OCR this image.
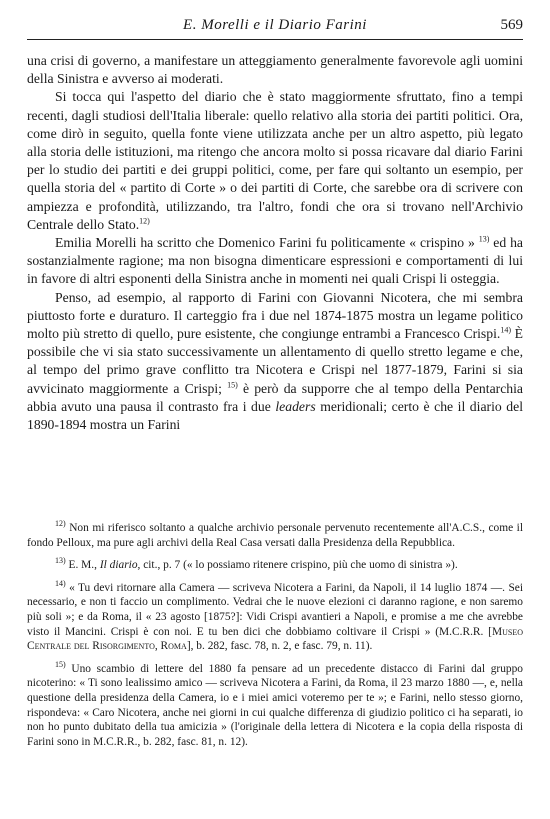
E. Morelli e il Diario Farini	569

una crisi di governo, a manifestare un atteggiamento generalmente favorevole agli uomini della Sinistra e avverso ai moderati.

Si tocca qui l'aspetto del diario che è stato maggiormente sfruttato, fino a tempi recenti, dagli studiosi dell'Italia liberale: quello relativo alla storia dei partiti politici. Ora, come dirò in seguito, quella fonte viene utilizzata anche per un altro aspetto, più legato alla storia delle istituzioni, ma ritengo che ancora molto si possa ricavare dal diario Farini per lo studio dei partiti e dei gruppi politici, come, per fare qui soltanto un esempio, per quella storia del « partito di Corte » o dei partiti di Corte, che sarebbe ora di scrivere con ampiezza e profondità, utilizzando, tra l'altro, fondi che ora si trovano nell'Archivio Centrale dello Stato.$^{12)}$

Emilia Morelli ha scritto che Domenico Farini fu politicamente « crispino » $^{13)}$ ed ha sostanzialmente ragione; ma non bisogna dimenticare espressioni e comportamenti di lui in favore di altri esponenti della Sinistra anche in momenti nei quali Crispi li osteggia.

Penso, ad esempio, al rapporto di Farini con Giovanni Nicotera, che mi sembra piuttosto forte e duraturo. Il carteggio fra i due nel 1874-1875 mostra un legame politico molto più stretto di quello, pure esistente, che congiunge entrambi a Francesco Crispi.$^{14)}$ È possibile che vi sia stato successivamente un allentamento di quello stretto legame e che, al tempo del primo grave conflitto tra Nicotera e Crispi nel 1877-1879, Farini si sia avvicinato maggiormente a Crispi; $^{15)}$ è però da supporre che al tempo della Pentarchia abbia avuto una pausa il contrasto fra i due leaders meridionali; certo è che il diario del 1890-1894 mostra un Farini

$^{12)}$ Non mi riferisco soltanto a qualche archivio personale pervenuto recentemente all'A.C.S., come il fondo Pelloux, ma pure agli archivi della Real Casa versati dalla Presidenza della Repubblica.

$^{13)}$ E. M., Il diario, cit., p. 7 (« lo possiamo ritenere crispino, più che uomo di sinistra »).

$^{14)}$ « Tu devi ritornare alla Camera — scriveva Nicotera a Farini, da Napoli, il 14 luglio 1874 —. Sei necessario, e non ti faccio un complimento. Vedrai che le nuove elezioni ci daranno ragione, e non saremo più soli »; e da Roma, il « 23 agosto [1875?]: Vidi Crispi avantieri a Napoli, e promise a me che avrebbe visto il Mancini. Crispi è con noi. E tu ben dici che dobbiamo coltivare il Crispi » (M.C.R.R. [Museo Centrale del Risorgimento, Roma], b. 282, fasc. 78, n. 2, e fasc. 79, n. 11).

$^{15)}$ Uno scambio di lettere del 1880 fa pensare ad un precedente distacco di Farini dal gruppo nicoterino: « Ti sono lealissimo amico — scriveva Nicotera a Farini, da Roma, il 23 marzo 1880 —, e, nella questione della presidenza della Camera, io e i miei amici voteremo per te »; e Farini, nello stesso giorno, rispondeva: « Caro Nicotera, anche nei giorni in cui qualche differenza di giudizio politico ci ha separati, io non ho punto dubitato della tua amicizia » (l'originale della lettera di Nicotera e la copia della risposta di Farini sono in M.C.R.R., b. 282, fasc. 81, n. 12).
